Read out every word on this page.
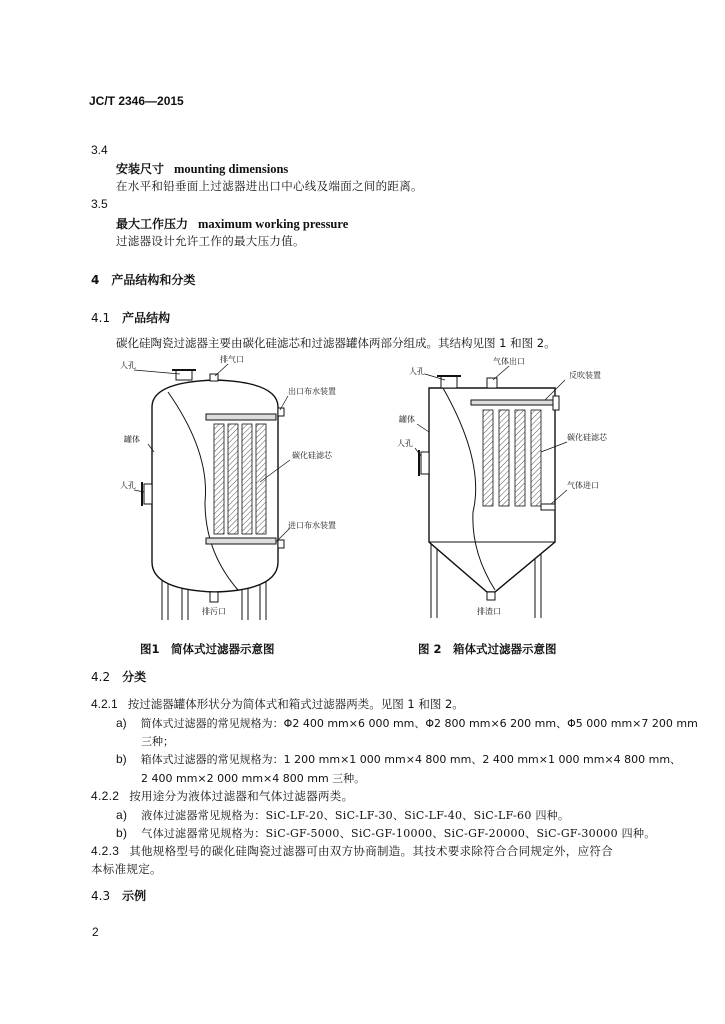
JC/T 2346—2015
3.4
安装尺寸 mounting dimensions
在水平和铅垂面上过滤器进出口中心线及端面之间的距离。
3.5
最大工作压力 maximum working pressure
过滤器设计允许工作的最大压力值。
4 产品结构和分类
4.1 产品结构
碳化硅陶瓷过滤器主要由碳化硅滤芯和过滤器罐体两部分组成。其结构见图 1 和图 2。
人孔
排气口
出口布水装置
罐体
碳化硅滤芯
人孔
进口布水装置
排污口
气体出口
人孔	反吹装置
罐体
人孔
碳化硅滤芯
气体进口
排渣口
图1　简体式过滤器示意图	图 2　箱体式过滤器示意图
4.2 分类
4.2.1 按过滤器罐体形状分为简体式和箱式过滤器两类。见图 1 和图 2。
a) 简体式过滤器的常见规格为：Φ2 400 mm×6 000 mm、Φ2 800 mm×6 200 mm、Φ5 000 mm×7 200 mm
三种；
b) 箱体式过滤器的常见规格为：1 200 mm×1 000 mm×4 800 mm、2 400 mm×1 000 mm×4 800 mm、
2 400 mm×2 000 mm×4 800 mm 三种。
4.2.2 按用途分为液体过滤器和气体过滤器两类。
a) 液体过滤器常见规格为：SiC-LF-20、SiC-LF-30、SiC-LF-40、SiC-LF-60 四种。
b) 气体过滤器常见规格为：SiC-GF-5000、SiC-GF-10000、SiC-GF-20000、SiC-GF-30000 四种。
4.2.3 其他规格型号的碳化硅陶瓷过滤器可由双方协商制造。其技术要求除符合合同规定外，应符合
本标准规定。
4.3 示例
2
